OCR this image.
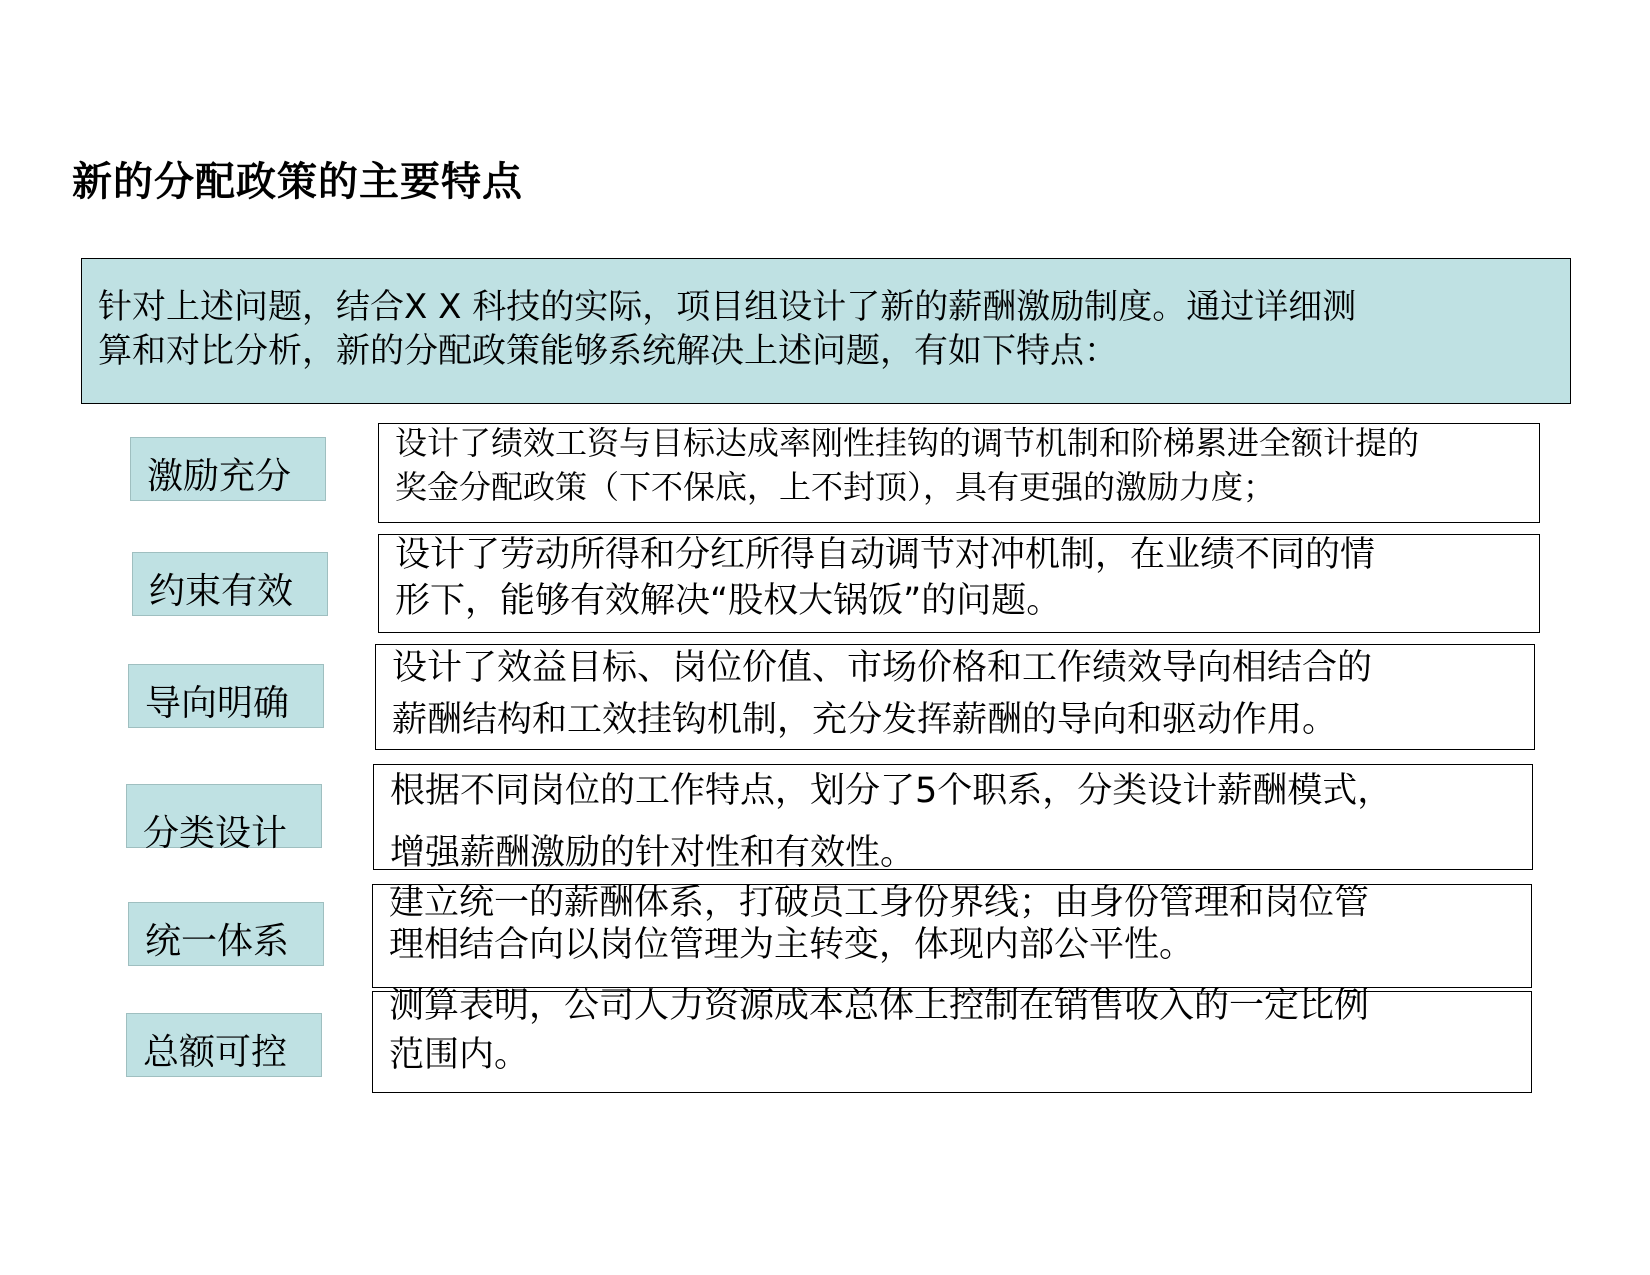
新的分配政策的主要特点
针对上述问题，结合X X 科技的实际，项目组设计了新的薪酬激励制度。通过详细测
算和对比分析，新的分配政策能够系统解决上述问题，有如下特点：
激励充分
设计了绩效工资与目标达成率刚性挂钩的调节机制和阶梯累进全额计提的
奖金分配政策（下不保底，上不封顶），具有更强的激励力度；
约束有效
设计了劳动所得和分红所得自动调节对冲机制，在业绩不同的情
形下，能够有效解决“股权大锅饭”的问题。
导向明确
设计了效益目标、岗位价值、市场价格和工作绩效导向相结合的
薪酬结构和工效挂钩机制，充分发挥薪酬的导向和驱动作用。
分类设计
根据不同岗位的工作特点，划分了5个职系，分类设计薪酬模式，
增强薪酬激励的针对性和有效性。
统一体系
建立统一的薪酬体系，打破员工身份界线；由身份管理和岗位管
理相结合向以岗位管理为主转变，体现内部公平性。
总额可控
测算表明，公司人力资源成本总体上控制在销售收入的一定比例
范围内。
